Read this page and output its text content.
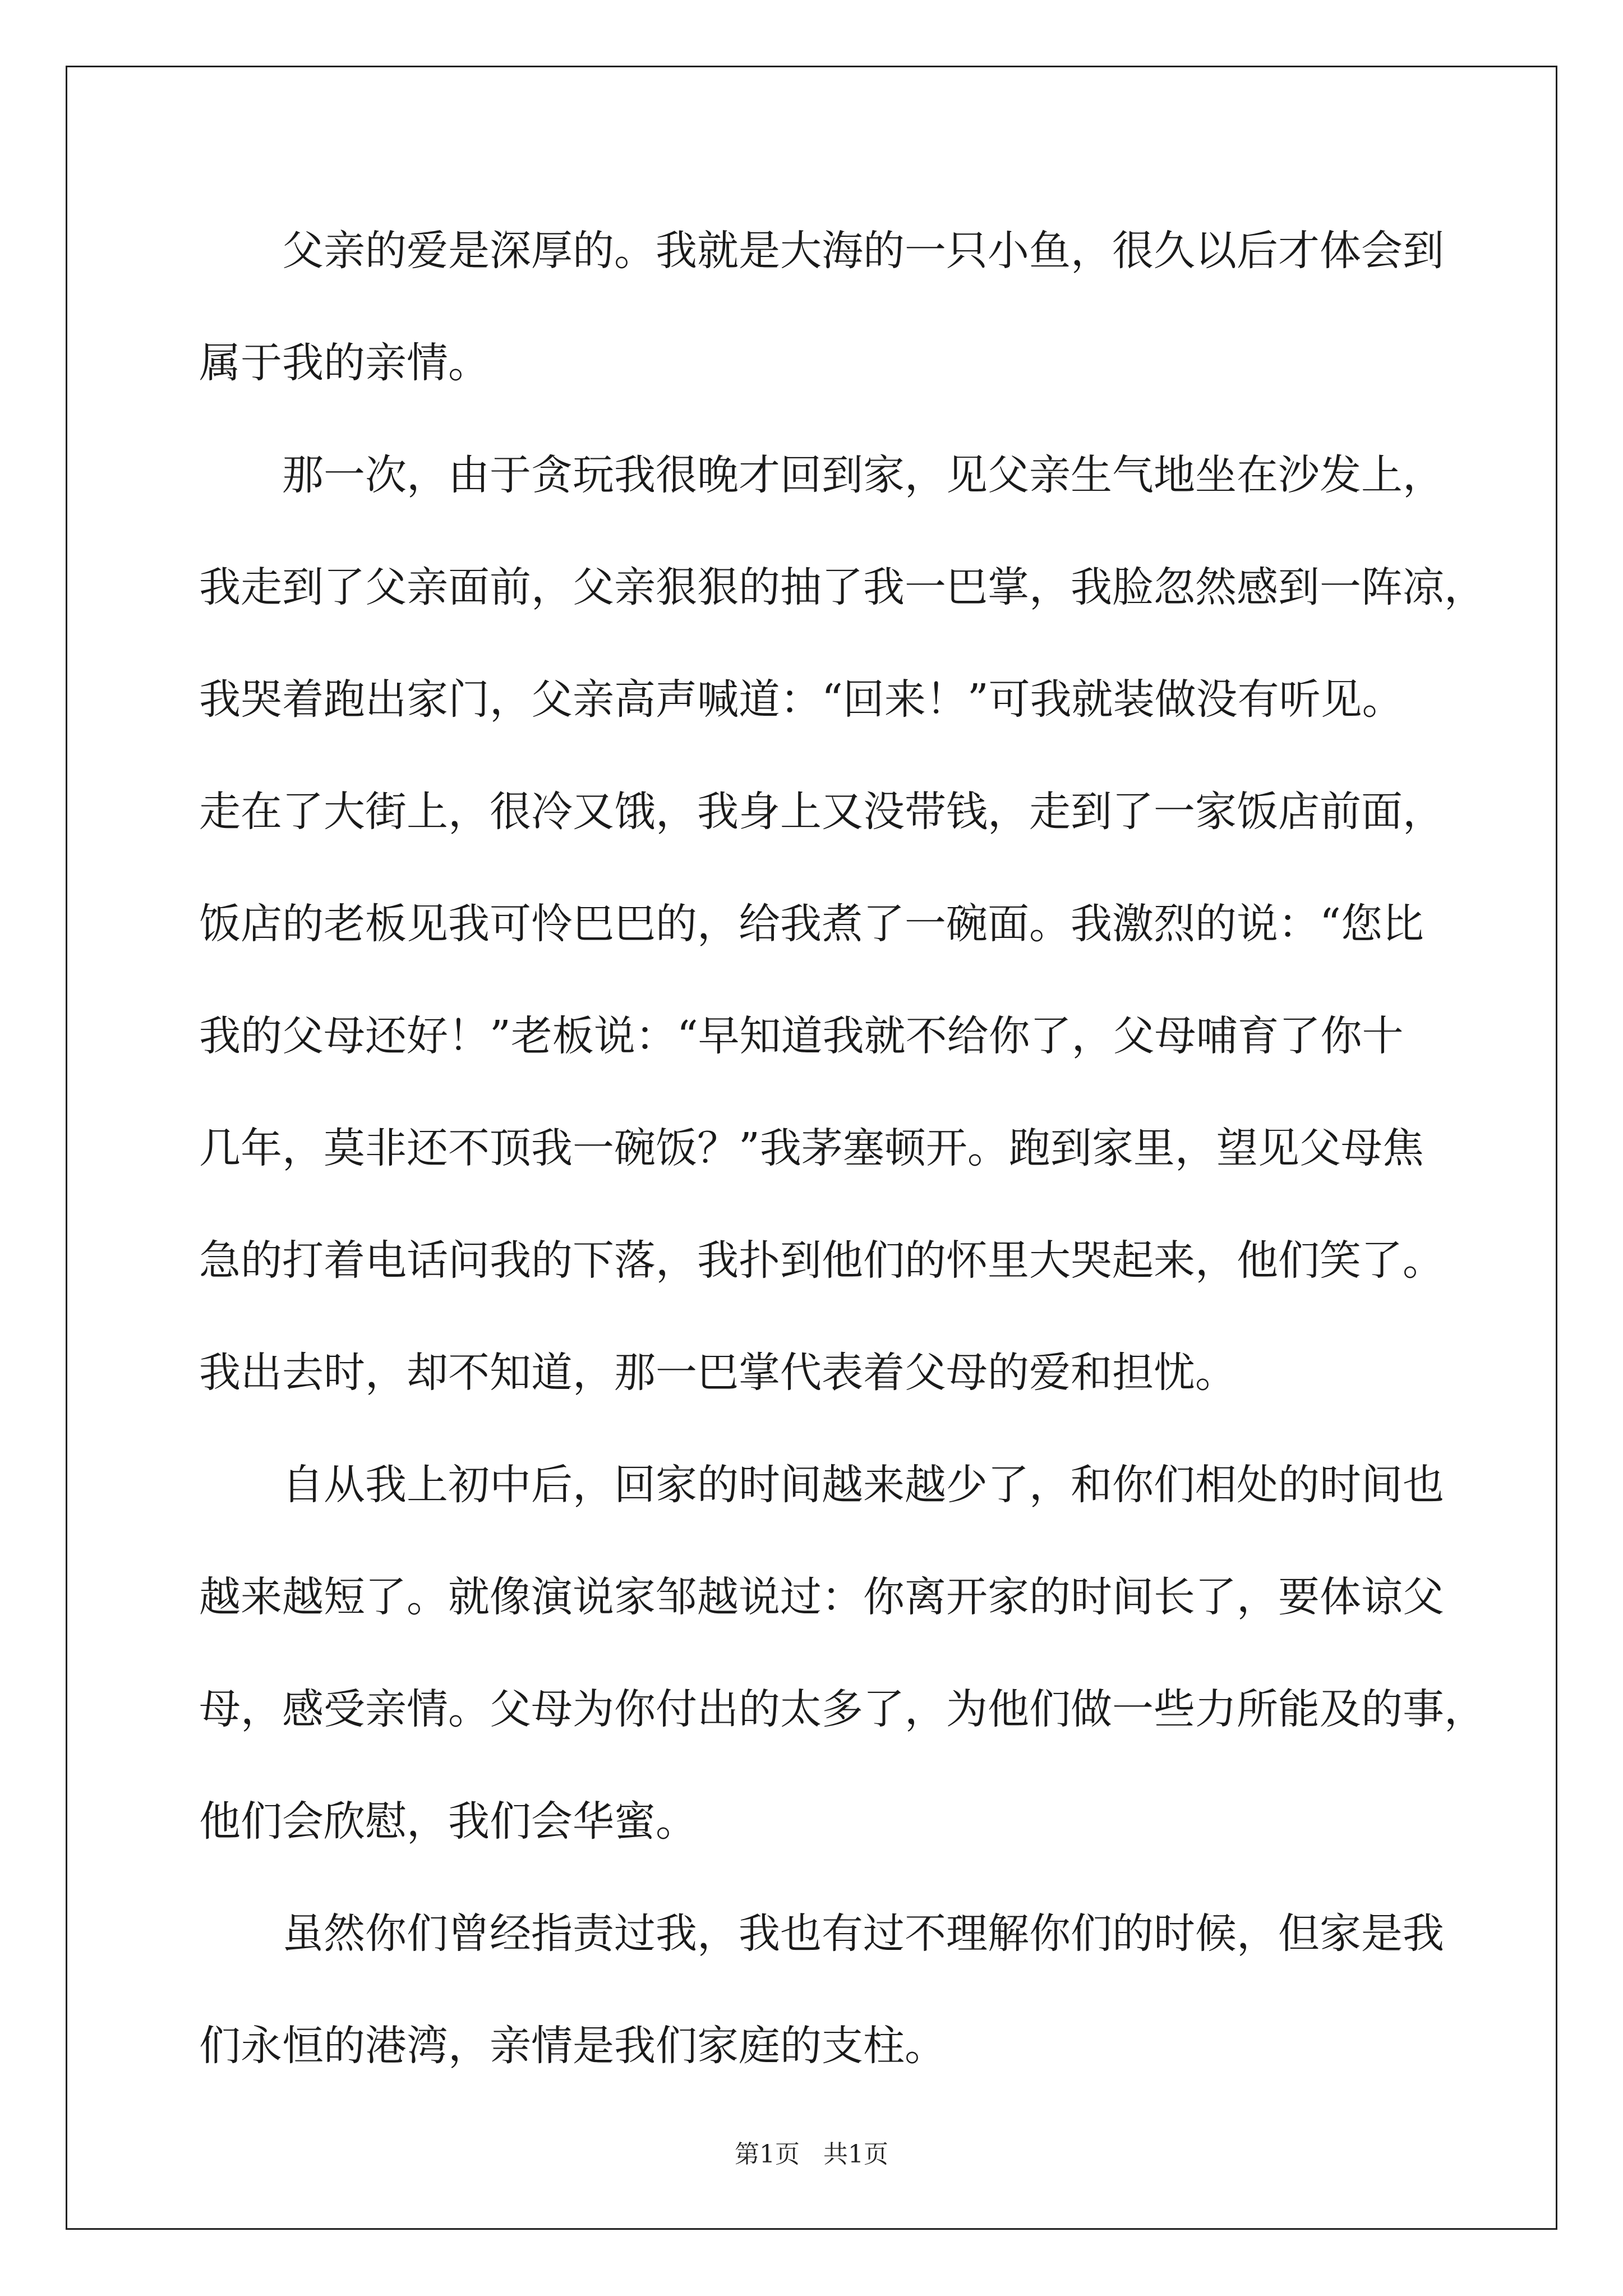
父亲的爱是深厚的。我就是大海的一只小鱼，很久以后才体会到
属于我的亲情。
那一次，由于贪玩我很晚才回到家，见父亲生气地坐在沙发上，
我走到了父亲面前，父亲狠狠的抽了我一巴掌，我脸忽然感到一阵凉，
我哭着跑出家门，父亲高声喊道：“回来！”可我就装做没有听见。
走在了大街上，很冷又饿，我身上又没带钱，走到了一家饭店前面，
饭店的老板见我可怜巴巴的，给我煮了一碗面。我激烈的说：“您比
我的父母还好！”老板说：“早知道我就不给你了，父母哺育了你十
几年，莫非还不顶我一碗饭？”我茅塞顿开。跑到家里，望见父母焦
急的打着电话问我的下落，我扑到他们的怀里大哭起来，他们笑了。
我出去时，却不知道，那一巴掌代表着父母的爱和担忧。
自从我上初中后，回家的时间越来越少了，和你们相处的时间也
越来越短了。就像演说家邹越说过：你离开家的时间长了，要体谅父
母，感受亲情。父母为你付出的太多了，为他们做一些力所能及的事，
他们会欣慰，我们会华蜜。
虽然你们曾经指责过我，我也有过不理解你们的时候，但家是我
们永恒的港湾，亲情是我们家庭的支柱。
第1页   共1页
